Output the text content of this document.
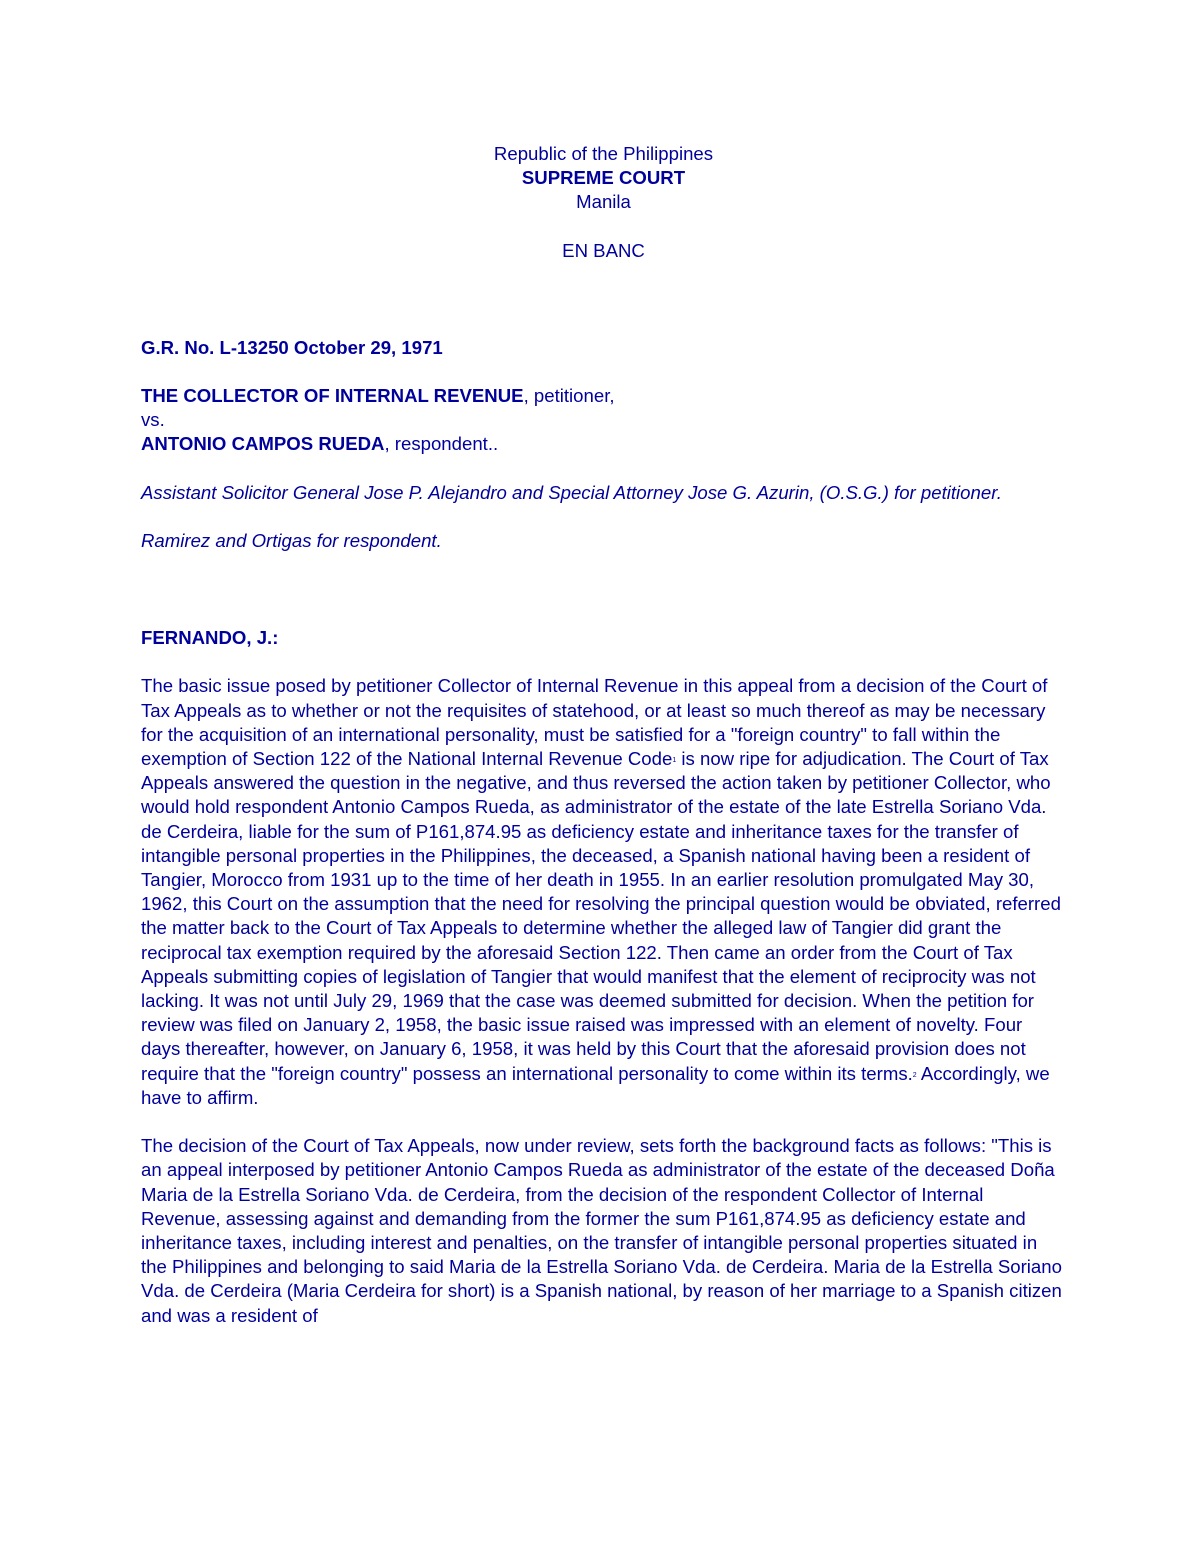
Republic of the Philippines
SUPREME COURT
Manila
EN BANC

G.R. No. L-13250 October 29, 1971

THE COLLECTOR OF INTERNAL REVENUE, petitioner,
vs.
ANTONIO CAMPOS RUEDA, respondent..

Assistant Solicitor General Jose P. Alejandro and Special Attorney Jose G. Azurin, (O.S.G.) for petitioner.

Ramirez and Ortigas for respondent.

FERNANDO, J.:

The basic issue posed by petitioner Collector of Internal Revenue in this appeal from a decision of the Court of Tax Appeals as to whether or not the requisites of statehood, or at least so much thereof as may be necessary for the acquisition of an international personality, must be satisfied for a "foreign country" to fall within the exemption of Section 122 of the National Internal Revenue Code$^1$ is now ripe for adjudication. The Court of Tax Appeals answered the question in the negative, and thus reversed the action taken by petitioner Collector, who would hold respondent Antonio Campos Rueda, as administrator of the estate of the late Estrella Soriano Vda. de Cerdeira, liable for the sum of P161,874.95 as deficiency estate and inheritance taxes for the transfer of intangible personal properties in the Philippines, the deceased, a Spanish national having been a resident of Tangier, Morocco from 1931 up to the time of her death in 1955. In an earlier resolution promulgated May 30, 1962, this Court on the assumption that the need for resolving the principal question would be obviated, referred the matter back to the Court of Tax Appeals to determine whether the alleged law of Tangier did grant the reciprocal tax exemption required by the aforesaid Section 122. Then came an order from the Court of Tax Appeals submitting copies of legislation of Tangier that would manifest that the element of reciprocity was not lacking. It was not until July 29, 1969 that the case was deemed submitted for decision. When the petition for review was filed on January 2, 1958, the basic issue raised was impressed with an element of novelty. Four days thereafter, however, on January 6, 1958, it was held by this Court that the aforesaid provision does not require that the "foreign country" possess an international personality to come within its terms.$^2$ Accordingly, we have to affirm.

The decision of the Court of Tax Appeals, now under review, sets forth the background facts as follows: "This is an appeal interposed by petitioner Antonio Campos Rueda as administrator of the estate of the deceased Doña Maria de la Estrella Soriano Vda. de Cerdeira, from the decision of the respondent Collector of Internal Revenue, assessing against and demanding from the former the sum P161,874.95 as deficiency estate and inheritance taxes, including interest and penalties, on the transfer of intangible personal properties situated in the Philippines and belonging to said Maria de la Estrella Soriano Vda. de Cerdeira. Maria de la Estrella Soriano Vda. de Cerdeira (Maria Cerdeira for short) is a Spanish national, by reason of her marriage to a Spanish citizen and was a resident of
